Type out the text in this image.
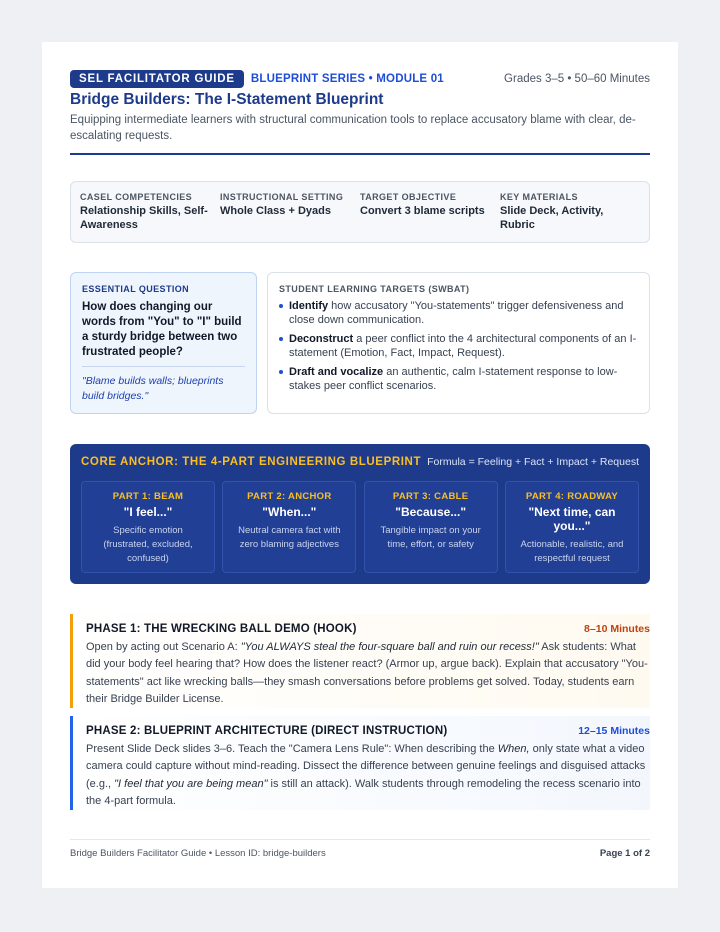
SEL FACILITATOR GUIDE	BLUEPRINT SERIES • MODULE 01	Grades 3–5 • 50–60 Minutes
Bridge Builders: The I-Statement Blueprint
Equipping intermediate learners with structural communication tools to replace accusatory blame with clear, de-escalating requests.
CASEL COMPETENCIES
Relationship Skills, Self-Awareness
INSTRUCTIONAL SETTING
Whole Class + Dyads
TARGET OBJECTIVE
Convert 3 blame scripts
KEY MATERIALS
Slide Deck, Activity, Rubric
ESSENTIAL QUESTION
How does changing our words from "You" to "I" build a sturdy bridge between two frustrated people?
"Blame builds walls; blueprints build bridges."
STUDENT LEARNING TARGETS (SWBAT)
Identify how accusatory "You-statements" trigger defensiveness and close down communication.
Deconstruct a peer conflict into the 4 architectural components of an I-statement (Emotion, Fact, Impact, Request).
Draft and vocalize an authentic, calm I-statement response to low-stakes peer conflict scenarios.
CORE ANCHOR: THE 4-PART ENGINEERING BLUEPRINT Formula = Feeling + Fact + Impact + Request
PART 1: BEAM
"I feel..."
Specific emotion (frustrated, excluded, confused)
PART 2: ANCHOR
"When..."
Neutral camera fact with zero blaming adjectives
PART 3: CABLE
"Because..."
Tangible impact on your time, effort, or safety
PART 4: ROADWAY
"Next time, can you..."
Actionable, realistic, and respectful request
PHASE 1: THE WRECKING BALL DEMO (HOOK)	8–10 Minutes
Open by acting out Scenario A: "You ALWAYS steal the four-square ball and ruin our recess!" Ask students: What did your body feel hearing that? How does the listener react? (Armor up, argue back). Explain that accusatory "You-statements" act like wrecking balls—they smash conversations before problems get solved. Today, students earn their Bridge Builder License.
PHASE 2: BLUEPRINT ARCHITECTURE (DIRECT INSTRUCTION)	12–15 Minutes
Present Slide Deck slides 3–6. Teach the "Camera Lens Rule": When describing the When, only state what a video camera could capture without mind-reading. Dissect the difference between genuine feelings and disguised attacks (e.g., "I feel that you are being mean" is still an attack). Walk students through remodeling the recess scenario into the 4-part formula.
Bridge Builders Facilitator Guide • Lesson ID: bridge-builders	Page 1 of 2
